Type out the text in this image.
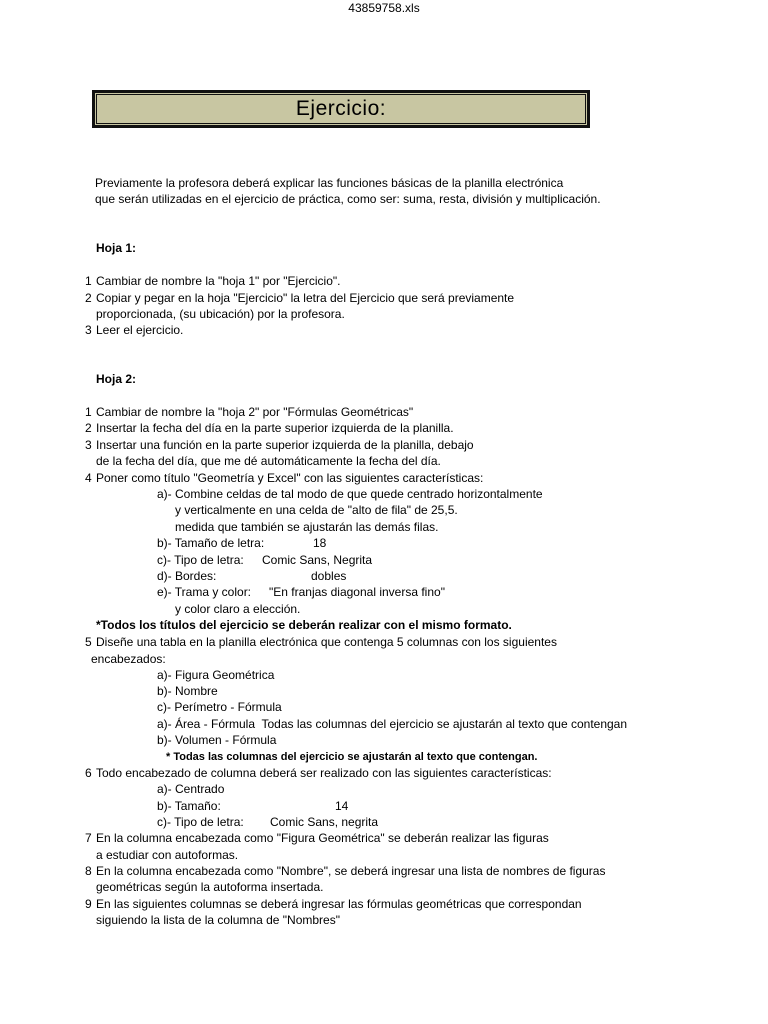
43859758.xls
Ejercicio:
Previamente la profesora deberá explicar las funciones básicas de la planilla electrónica
que serán utilizadas en el ejercicio de práctica, como ser: suma, resta, división y multiplicación.
Hoja 1:
1 Cambiar de nombre la "hoja 1" por "Ejercicio".
2 Copiar y pegar en la hoja "Ejercicio" la letra del Ejercicio que será previamente
proporcionada, (su ubicación) por la profesora.
3 Leer el ejercicio.
Hoja 2:
1 Cambiar de nombre la "hoja 2" por "Fórmulas Geométricas"
2 Insertar la fecha del día en la parte superior izquierda de la planilla.
3 Insertar una función en la parte superior izquierda de la planilla, debajo
de la fecha del día, que me dé automáticamente la fecha del día.
4 Poner como título "Geometría y Excel" con las siguientes características:
a)- Combine celdas de tal modo de que quede centrado horizontalmente
y verticalmente en una celda de "alto de fila" de 25,5.
medida que también se ajustarán las demás filas.
b)- Tamaño de letra:	18
c)- Tipo de letra: Comic Sans, Negrita
d)- Bordes:	dobles
e)- Trama y color: "En franjas diagonal inversa fino"
y color claro a elección.
*Todos los títulos del ejercicio se deberán realizar con el mismo formato.
5 Diseñe una tabla en la planilla electrónica que contenga 5 columnas con los siguientes
encabezados:
a)- Figura Geométrica
b)- Nombre
c)- Perímetro - Fórmula
a)- Área - Fórmula  Todas las columnas del ejercicio se ajustarán al texto que contengan
b)- Volumen - Fórmula
* Todas las columnas del ejercicio se ajustarán al texto que contengan.
6 Todo encabezado de columna deberá ser realizado con las siguientes características:
a)- Centrado
b)- Tamaño:	14
c)- Tipo de letra: Comic Sans, negrita
7 En la columna encabezada como "Figura Geométrica" se deberán realizar las figuras
a estudiar con autoformas.
8 En la columna encabezada como "Nombre", se deberá ingresar una lista de nombres de figuras
geométricas según la autoforma insertada.
9 En las siguientes columnas se deberá ingresar las fórmulas geométricas que correspondan
siguiendo la lista de la columna de "Nombres"
